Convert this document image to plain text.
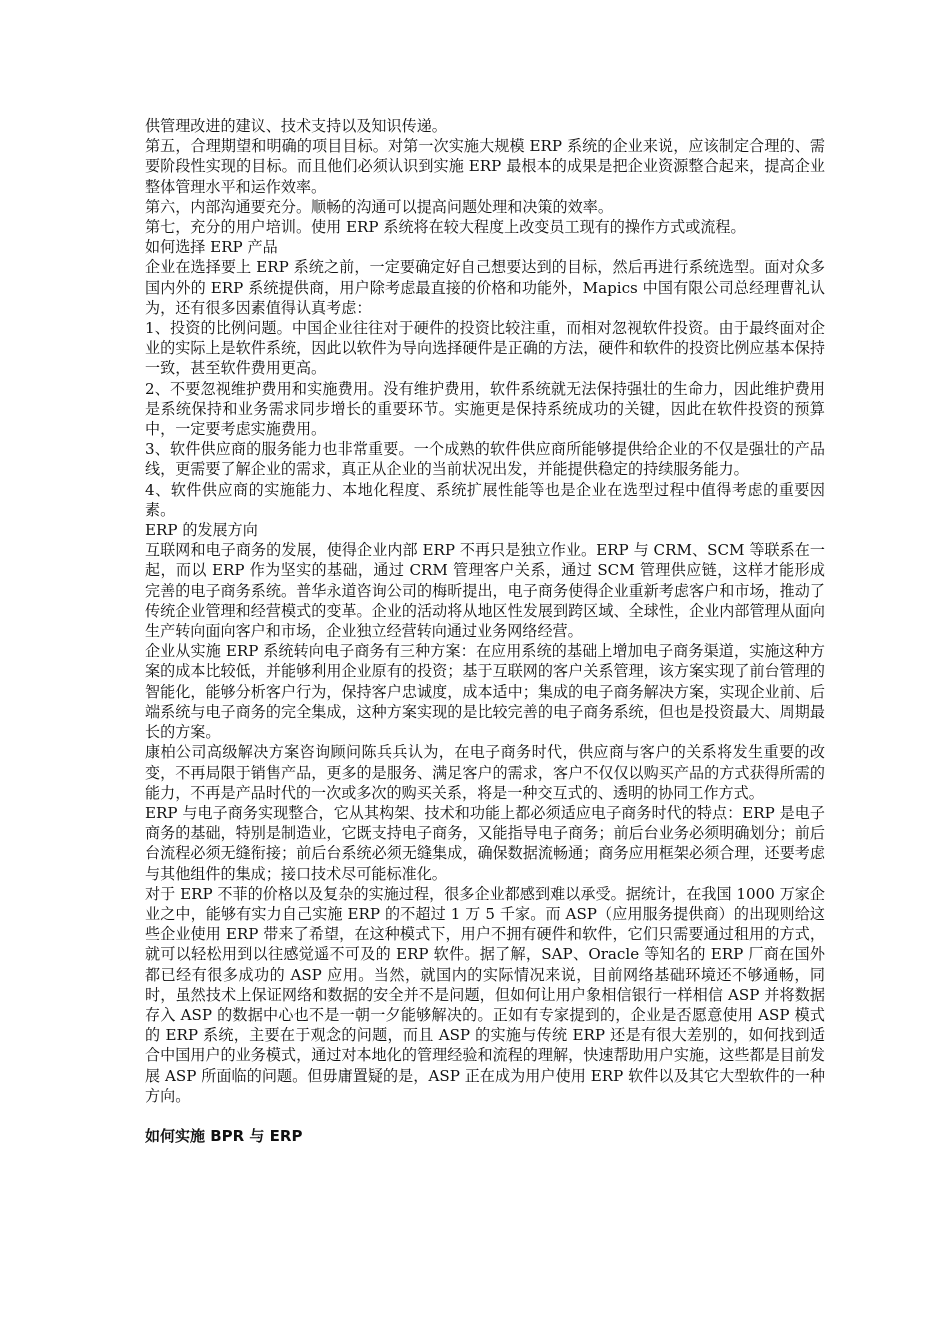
供管理改进的建议、技术支持以及知识传递。

第五，合理期望和明确的项目目标。对第一次实施大规模 ERP 系统的企业来说，应该制定合理的、需要阶段性实现的目标。而且他们必须认识到实施 ERP 最根本的成果是把企业资源整合起来，提高企业整体管理水平和运作效率。

第六，内部沟通要充分。顺畅的沟通可以提高问题处理和决策的效率。

第七，充分的用户培训。使用 ERP 系统将在较大程度上改变员工现有的操作方式或流程。

如何选择 ERP 产品

企业在选择要上 ERP 系统之前，一定要确定好自己想要达到的目标，然后再进行系统选型。面对众多国内外的 ERP 系统提供商，用户除考虑最直接的价格和功能外，Mapics 中国有限公司总经理曹礼认为，还有很多因素值得认真考虑：

1、投资的比例问题。中国企业往往对于硬件的投资比较注重，而相对忽视软件投资。由于最终面对企业的实际上是软件系统，因此以软件为导向选择硬件是正确的方法，硬件和软件的投资比例应基本保持一致，甚至软件费用更高。

2、不要忽视维护费用和实施费用。没有维护费用，软件系统就无法保持强壮的生命力，因此维护费用是系统保持和业务需求同步增长的重要环节。实施更是保持系统成功的关键，因此在软件投资的预算中，一定要考虑实施费用。

3、软件供应商的服务能力也非常重要。一个成熟的软件供应商所能够提供给企业的不仅是强壮的产品线，更需要了解企业的需求，真正从企业的当前状况出发，并能提供稳定的持续服务能力。

4、软件供应商的实施能力、本地化程度、系统扩展性能等也是企业在选型过程中值得考虑的重要因素。

ERP 的发展方向

互联网和电子商务的发展，使得企业内部 ERP 不再只是独立作业。ERP 与 CRM、SCM 等联系在一起，而以 ERP 作为坚实的基础，通过 CRM 管理客户关系，通过 SCM 管理供应链，这样才能形成完善的电子商务系统。普华永道咨询公司的梅昕提出，电子商务使得企业重新考虑客户和市场，推动了传统企业管理和经营模式的变革。企业的活动将从地区性发展到跨区域、全球性，企业内部管理从面向生产转向面向客户和市场，企业独立经营转向通过业务网络经营。

企业从实施 ERP 系统转向电子商务有三种方案：在应用系统的基础上增加电子商务渠道，实施这种方案的成本比较低，并能够利用企业原有的投资；基于互联网的客户关系管理，该方案实现了前台管理的智能化，能够分析客户行为，保持客户忠诚度，成本适中；集成的电子商务解决方案，实现企业前、后端系统与电子商务的完全集成，这种方案实现的是比较完善的电子商务系统，但也是投资最大、周期最长的方案。

康柏公司高级解决方案咨询顾问陈兵兵认为，在电子商务时代，供应商与客户的关系将发生重要的改变，不再局限于销售产品，更多的是服务、满足客户的需求，客户不仅仅以购买产品的方式获得所需的能力，不再是产品时代的一次或多次的购买关系，将是一种交互式的、透明的协同工作方式。

ERP 与电子商务实现整合，它从其构架、技术和功能上都必须适应电子商务时代的特点：ERP 是电子商务的基础，特别是制造业，它既支持电子商务，又能指导电子商务；前后台业务必须明确划分；前后台流程必须无缝衔接；前后台系统必须无缝集成，确保数据流畅通；商务应用框架必须合理，还要考虑与其他组件的集成；接口技术尽可能标准化。

对于 ERP 不菲的价格以及复杂的实施过程，很多企业都感到难以承受。据统计，在我国 1000 万家企业之中，能够有实力自己实施 ERP 的不超过 1 万 5 千家。而 ASP（应用服务提供商）的出现则给这些企业使用 ERP 带来了希望，在这种模式下，用户不拥有硬件和软件，它们只需要通过租用的方式，就可以轻松用到以往感觉遥不可及的 ERP 软件。据了解，SAP、Oracle 等知名的 ERP 厂商在国外都已经有很多成功的 ASP 应用。当然，就国内的实际情况来说，目前网络基础环境还不够通畅，同时，虽然技术上保证网络和数据的安全并不是问题，但如何让用户象相信银行一样相信 ASP 并将数据存入 ASP 的数据中心也不是一朝一夕能够解决的。正如有专家提到的，企业是否愿意使用 ASP 模式的 ERP 系统，主要在于观念的问题，而且 ASP 的实施与传统 ERP 还是有很大差别的，如何找到适合中国用户的业务模式，通过对本地化的管理经验和流程的理解，快速帮助用户实施，这些都是目前发展 ASP 所面临的问题。但毋庸置疑的是，ASP 正在成为用户使用 ERP 软件以及其它大型软件的一种方向。

如何实施 BPR 与 ERP
